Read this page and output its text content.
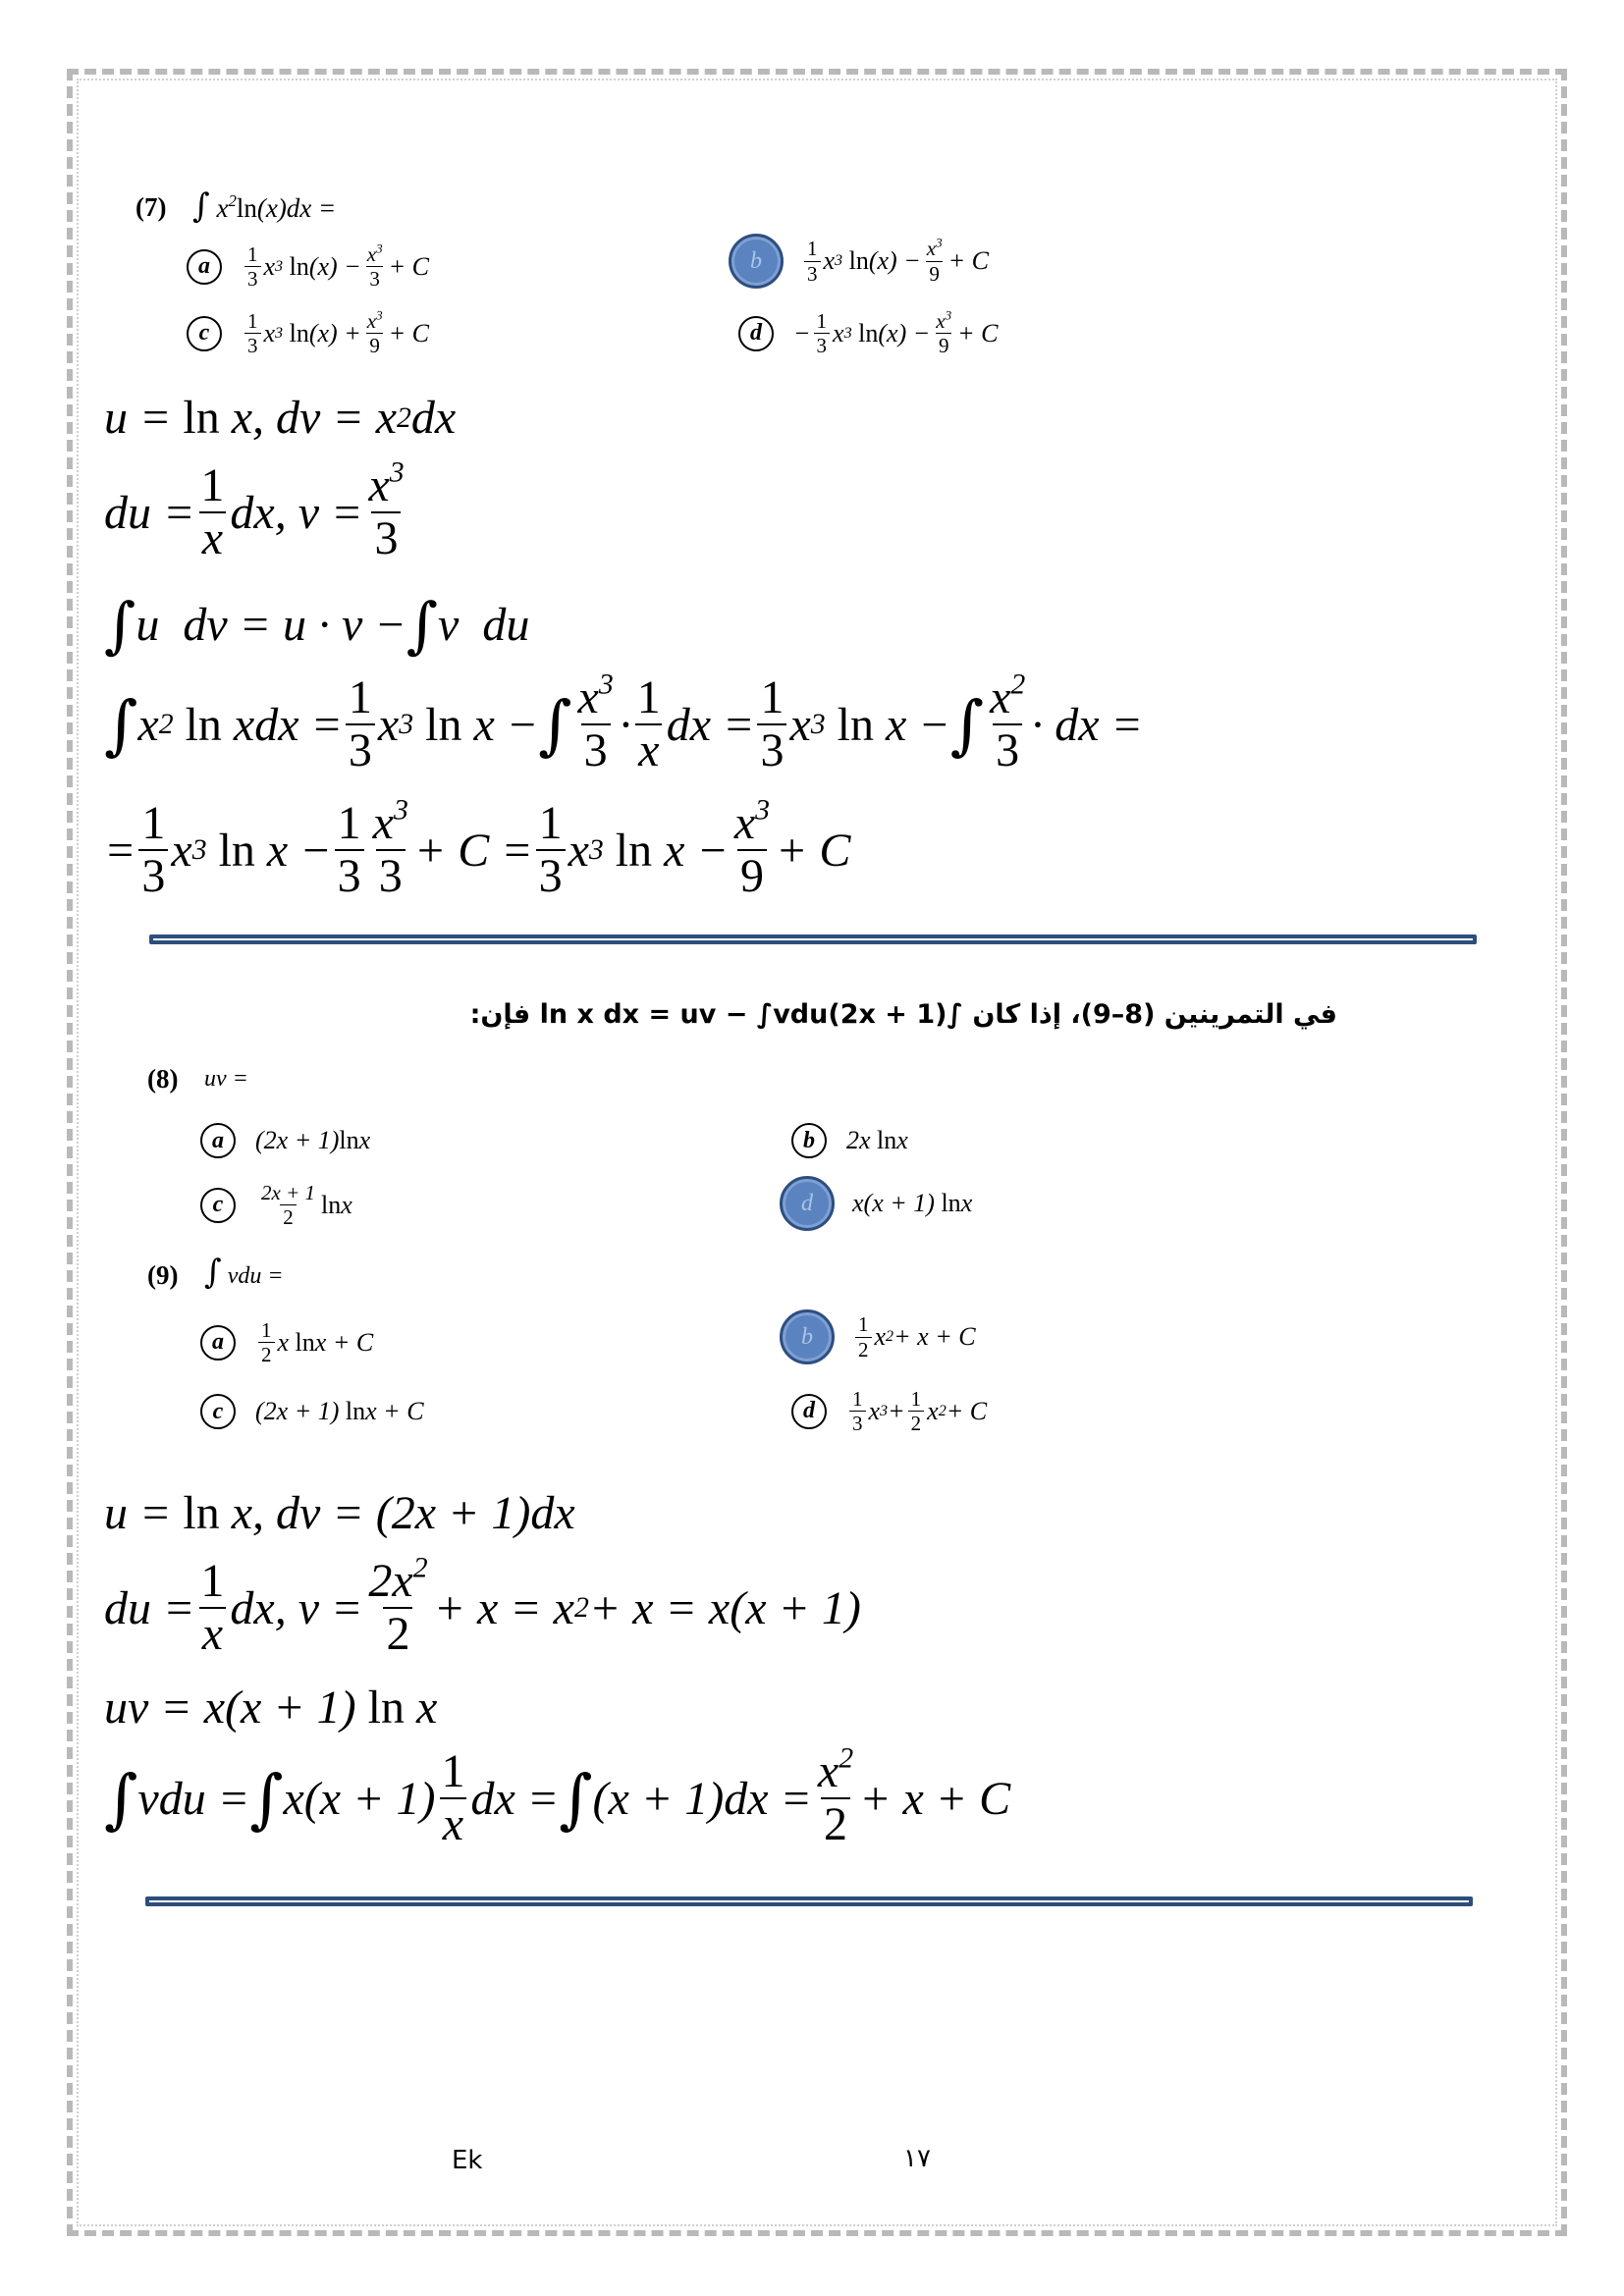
(7) ∫ $x^2\ln(x)dx$ =
a	$\frac{1}{3}$ x 3 $\ln (x) - \frac{x^3}{3} + C$	b	$\frac{1}{3}$ x 3 $\ln (x) - \frac{x^3}{9} + C$
c	$\frac{1}{3}$ x 3 $\ln (x) + \frac{x^3}{9} + C$	d	− $\frac{1}{3}$ x 3 $\ln (x) - \frac{x^3}{9} + C$
u = ln x, dv = x 2 dx
du = $\frac{1}{x}$ dx, $v = \frac{x^3}{3}$
∫ u  dv = u · v − ∫ v  du
∫ x 2 ln xdx = $\frac{1}{3}$ x 3 ln x − ∫ $\frac{x^3}{3} \cdot \frac{1}{x}$ dx = $\frac{1}{3}$ x 3 ln x − ∫ $\frac{x^2}{3}$ · dx =
= $\frac{1}{3}$ x 3 $\ln x - \frac{1}{3} \frac{x^3}{3} + C = \frac{1}{3}$ x 3 $\ln x - \frac{x^3}{9} + C$
في التمرينين (8–9)، إذا كان ∫(2x + 1)ln x dx = uv − ∫vdu فإن:
(8) uv =
a	(2x + 1) ln x	b	2x ln x
c	$\frac{2x + 1}{2}$ ln x	d	x(x + 1) ln x
(9) ∫ vdu =
a	$\frac{1}{2}$ x ln x + C	b	$\frac{1}{2}$ x 2 + x + C
c	(2x + 1) ln x + C	d	$\frac{1}{3}$ x $3 + \frac{1}{2}$ x 2 + C
u = ln x, dv = (2x + 1)dx
du = $\frac{1}{x}$ dx, $v = \frac{2x^2}{2} + x = x$ 2 + x = x(x + 1)
uv = x(x + 1) ln x
∫ vdu = ∫ $x(x + 1) \frac{1}{x}$ dx = ∫ $(x + 1)dx = \frac{x^2}{2} + x + C$
Ek	١٧
